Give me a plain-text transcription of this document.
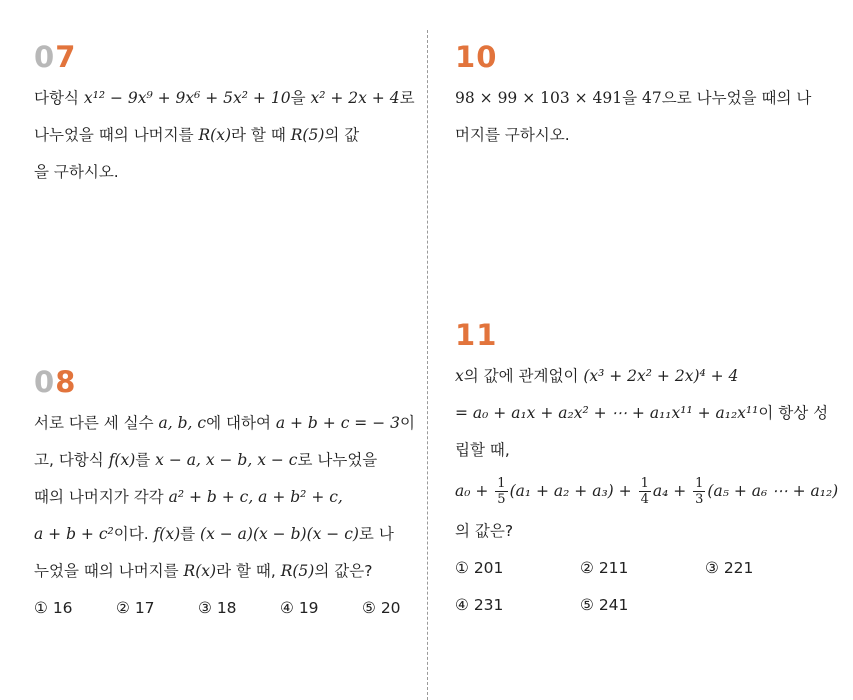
07
다항식 x¹² − 9x⁹ + 9x⁶ + 5x² + 10을 x² + 2x + 4로
나누었을 때의 나머지를 R(x)라 할 때 R(5)의 값
을 구하시오.
08
서로 다른 세 실수 a, b, c에 대하여 a + b + c = − 3이
고, 다항식 f(x)를 x − a, x − b, x − c로 나누었을
때의 나머지가 각각 a² + b + c, a + b² + c,
a + b + c²이다. f(x)를 (x − a)(x − b)(x − c)로 나
누었을 때의 나머지를 R(x)라 할 때, R(5)의 값은?
① 16	② 17	③ 18	④ 19	⑤ 20
10
98 × 99 × 103 × 491을 47으로 나누었을 때의 나
머지를 구하시오.
11
x의 값에 관계없이 (x³ + 2x² + 2x)⁴ + 4
= a₀ + a₁x + a₂x² + ⋯ + a₁₁x¹¹ + a₁₂x¹¹이 항상 성
립할 때,
$a_0 + \frac{1}{5} (a_1 + a_2 + a_3) + \frac{1}{4} a_4 + \frac{1}{3} (a_5 + a_6$ ⋯ + a₁₂)
의 값은?
① 201	② 211	③ 221
④ 231	⑤ 241
